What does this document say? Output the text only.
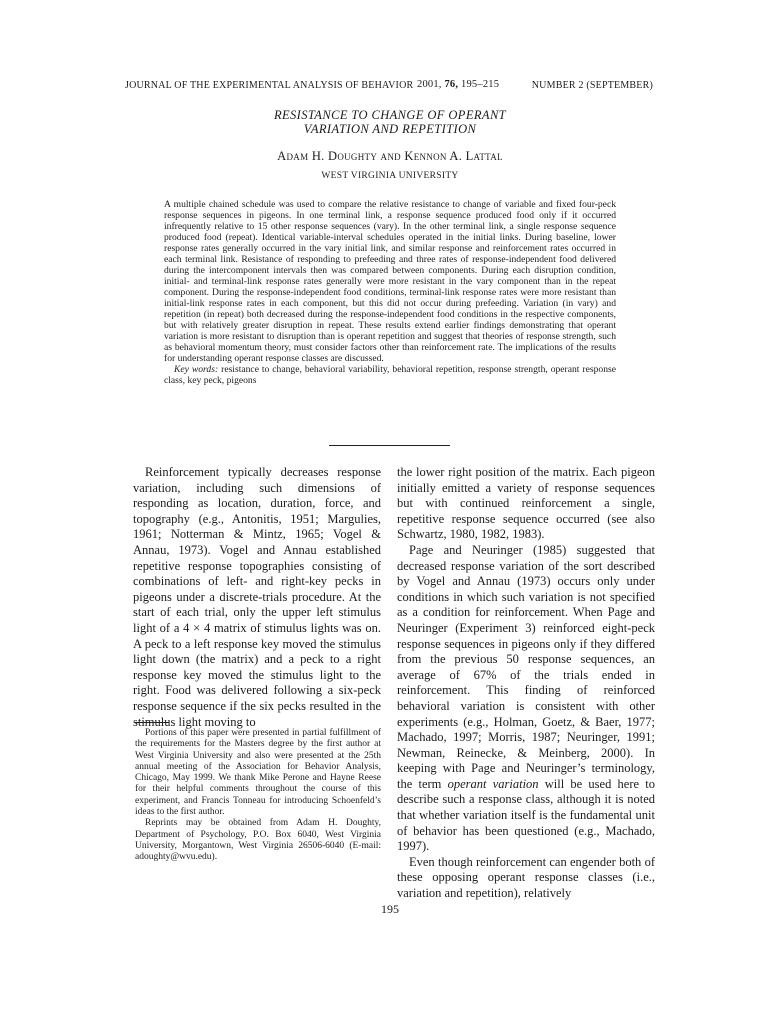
JOURNAL OF THE EXPERIMENTAL ANALYSIS OF BEHAVIOR 2001, 76, 195–215	NUMBER 2 (SEPTEMBER)
RESISTANCE TO CHANGE OF OPERANT
VARIATION AND REPETITION
Adam H. Doughty and Kennon A. Lattal
WEST VIRGINIA UNIVERSITY

A multiple chained schedule was used to compare the relative resistance to change of variable and fixed four-peck response sequences in pigeons. In one terminal link, a response sequence produced food only if it occurred infrequently relative to 15 other response sequences (vary). In the other terminal link, a single response sequence produced food (repeat). Identical variable-interval schedules operated in the initial links. During baseline, lower response rates generally occurred in the vary initial link, and similar response and reinforcement rates occurred in each terminal link. Resistance of responding to prefeeding and three rates of response-independent food delivered during the intercomponent intervals then was compared between components. During each disruption condition, initial- and terminal-link response rates generally were more resistant in the vary component than in the repeat component. During the response-independent food conditions, terminal-link response rates were more resistant than initial-link response rates in each component, but this did not occur during prefeeding. Variation (in vary) and repetition (in repeat) both decreased during the response-independent food conditions in the respective components, but with relatively greater disruption in repeat. These results extend earlier findings demonstrating that operant variation is more resistant to disruption than is operant repetition and suggest that theories of response strength, such as behavioral momentum theory, must consider factors other than reinforcement rate. The implications of the results for understanding operant response classes are discussed.

Key words: resistance to change, behavioral variability, behavioral repetition, response strength, operant response class, key peck, pigeons

Reinforcement typically decreases response variation, including such dimensions of responding as location, duration, force, and topography (e.g., Antonitis, 1951; Margulies, 1961; Notterman & Mintz, 1965; Vogel & Annau, 1973). Vogel and Annau established repetitive response topographies consisting of combinations of left- and right-key pecks in pigeons under a discrete-trials procedure. At the start of each trial, only the upper left stimulus light of a 4 × 4 matrix of stimulus lights was on. A peck to a left response key moved the stimulus light down (the matrix) and a peck to a right response key moved the stimulus light to the right. Food was delivered following a six-peck response sequence if the six pecks resulted in the stimulus light moving to

the lower right position of the matrix. Each pigeon initially emitted a variety of response sequences but with continued reinforcement a single, repetitive response sequence occurred (see also Schwartz, 1980, 1982, 1983).

Page and Neuringer (1985) suggested that decreased response variation of the sort described by Vogel and Annau (1973) occurs only under conditions in which such variation is not specified as a condition for reinforcement. When Page and Neuringer (Experiment 3) reinforced eight-peck response sequences in pigeons only if they differed from the previous 50 response sequences, an average of 67% of the trials ended in reinforcement. This finding of reinforced behavioral variation is consistent with other experiments (e.g., Holman, Goetz, & Baer, 1977; Machado, 1997; Morris, 1987; Neuringer, 1991; Newman, Reinecke, & Meinberg, 2000). In keeping with Page and Neuringer’s terminology, the term operant variation will be used here to describe such a response class, although it is noted that whether variation itself is the fundamental unit of behavior has been questioned (e.g., Machado, 1997).

Even though reinforcement can engender both of these opposing operant response classes (i.e., variation and repetition), relatively

Portions of this paper were presented in partial fulfillment of the requirements for the Masters degree by the first author at West Virginia University and also were presented at the 25th annual meeting of the Association for Behavior Analysis, Chicago, May 1999. We thank Mike Perone and Hayne Reese for their helpful comments throughout the course of this experiment, and Francis Tonneau for introducing Schoenfeld’s ideas to the first author.

Reprints may be obtained from Adam H. Doughty, Department of Psychology, P.O. Box 6040, West Virginia University, Morgantown, West Virginia 26506-6040 (E-mail: adoughty@wvu.edu).

195
